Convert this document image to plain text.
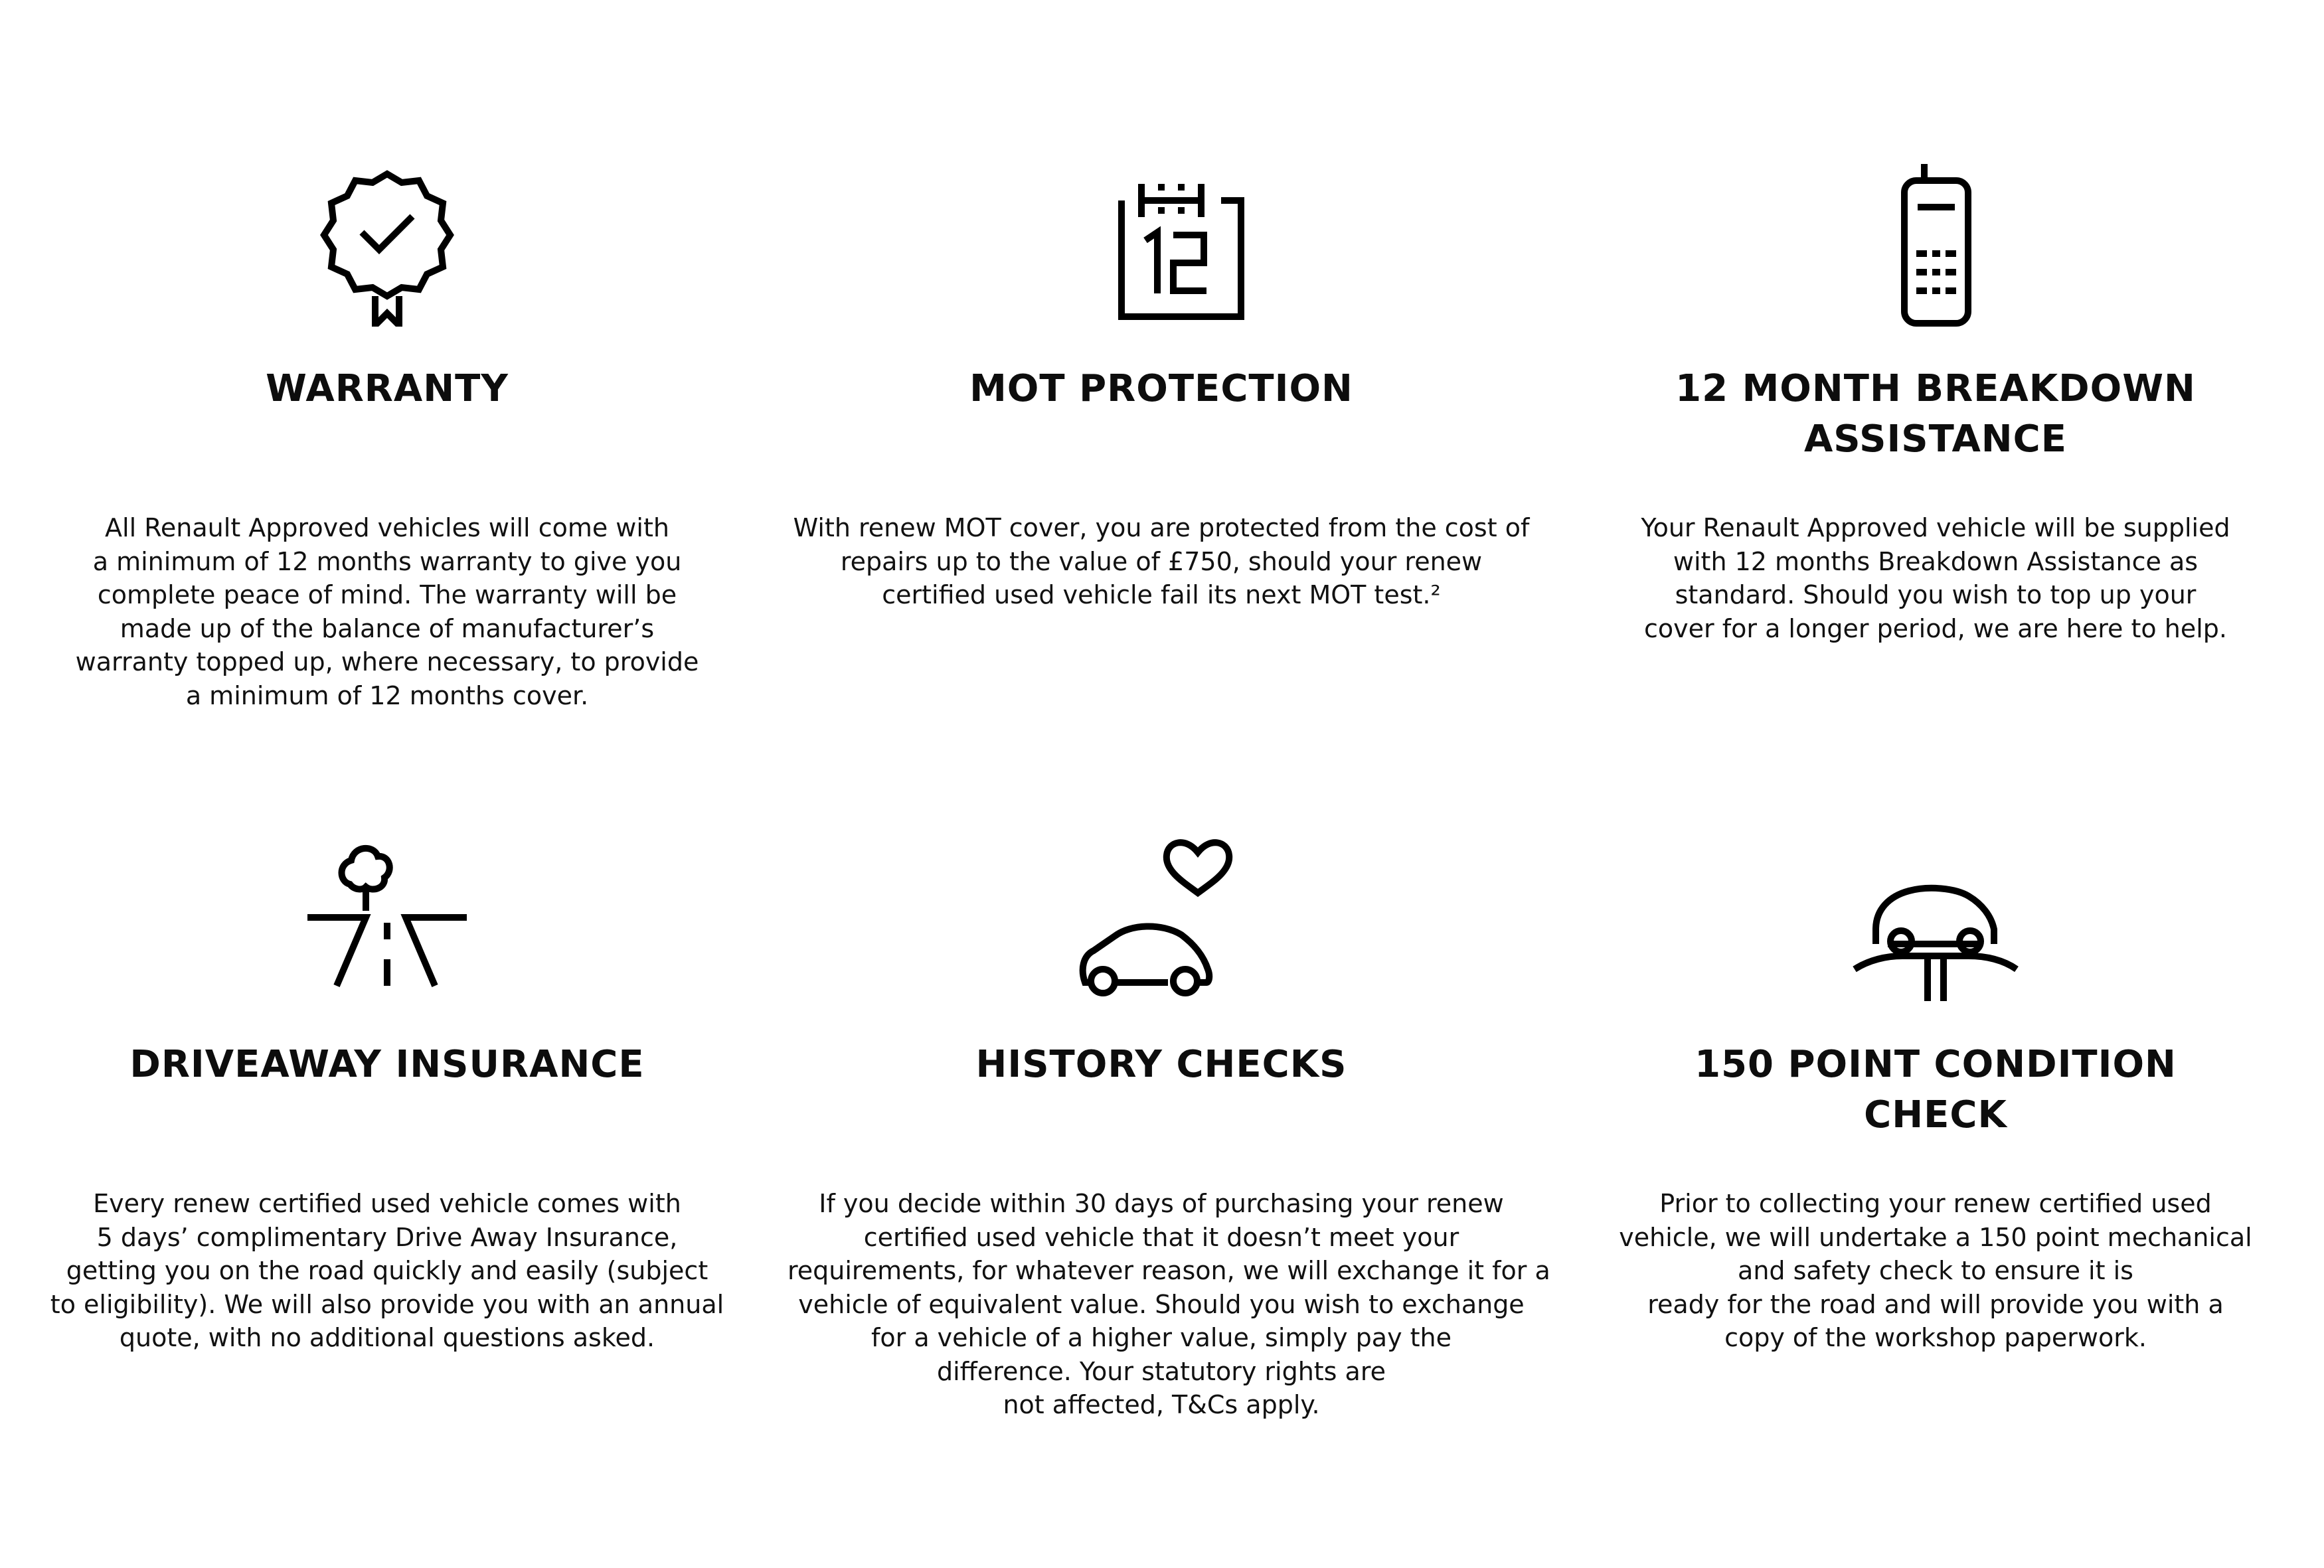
WARRANTY

All Renault Approved vehicles will come with
a minimum of 12 months warranty to give you
complete peace of mind. The warranty will be
made up of the balance of manufacturer’s
warranty topped up, where necessary, to provide
a minimum of 12 months cover.

MOT PROTECTION

With renew MOT cover, you are protected from the cost of
repairs up to the value of £750, should your renew
certified used vehicle fail its next MOT test.²

12 MONTH BREAKDOWN
ASSISTANCE

Your Renault Approved vehicle will be supplied
with 12 months Breakdown Assistance as
standard. Should you wish to top up your
cover for a longer period, we are here to help.

DRIVEAWAY INSURANCE

Every renew certified used vehicle comes with
5 days’ complimentary Drive Away Insurance,
getting you on the road quickly and easily (subject
to eligibility). We will also provide you with an annual
quote, with no additional questions asked.

HISTORY CHECKS

If you decide within 30 days of purchasing your renew
certified used vehicle that it doesn’t meet your
requirements, for whatever reason, we will exchange it for a
vehicle of equivalent value. Should you wish to exchange
for a vehicle of a higher value, simply pay the
difference. Your statutory rights are
not affected, T&Cs apply.

150 POINT CONDITION
CHECK

Prior to collecting your renew certified used
vehicle, we will undertake a 150 point mechanical
and safety check to ensure it is
ready for the road and will provide you with a
copy of the workshop paperwork.
